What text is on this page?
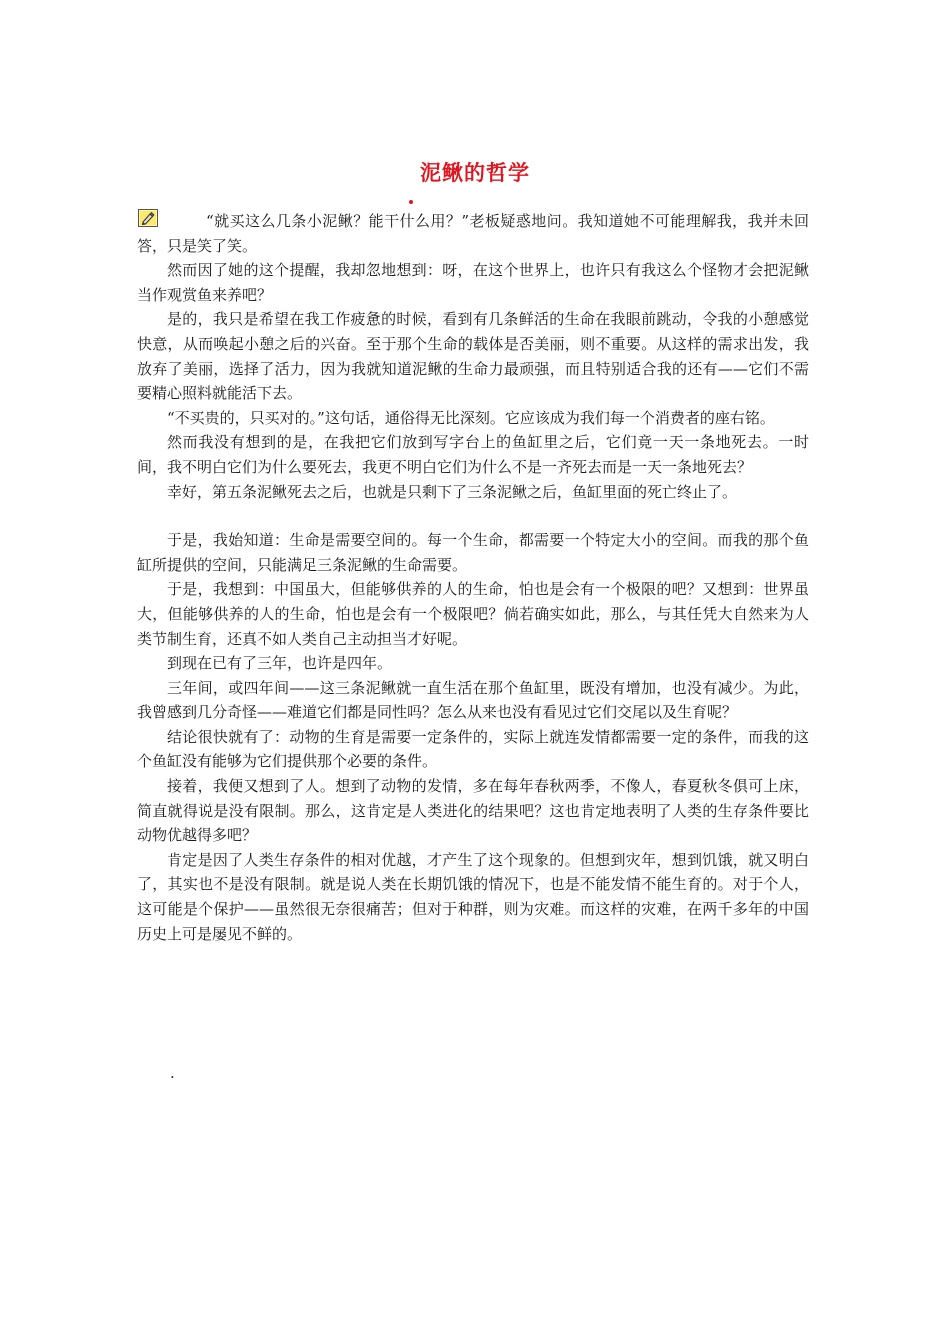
泥鳅的哲学

“就买这么几条小泥鳅？能干什么用？”老板疑惑地问。我知道她不可能理解我，我并未回答，只是笑了笑。

然而因了她的这个提醒，我却忽地想到：呀，在这个世界上，也许只有我这么个怪物才会把泥鳅当作观赏鱼来养吧？

是的，我只是希望在我工作疲惫的时候，看到有几条鲜活的生命在我眼前跳动，令我的小憩感觉快意，从而唤起小憩之后的兴奋。至于那个生命的载体是否美丽，则不重要。从这样的需求出发，我放弃了美丽，选择了活力，因为我就知道泥鳅的生命力最顽强，而且特别适合我的还有——它们不需要精心照料就能活下去。

“不买贵的，只买对的。”这句话，通俗得无比深刻。它应该成为我们每一个消费者的座右铭。

然而我没有想到的是，在我把它们放到写字台上的鱼缸里之后，它们竟一天一条地死去。一时间，我不明白它们为什么要死去，我更不明白它们为什么不是一齐死去而是一天一条地死去？

幸好，第五条泥鳅死去之后，也就是只剩下了三条泥鳅之后，鱼缸里面的死亡终止了。

于是，我始知道：生命是需要空间的。每一个生命，都需要一个特定大小的空间。而我的那个鱼缸所提供的空间，只能满足三条泥鳅的生命需要。

于是，我想到：中国虽大，但能够供养的人的生命，怕也是会有一个极限的吧？又想到：世界虽大，但能够供养的人的生命，怕也是会有一个极限吧？倘若确实如此，那么，与其任凭大自然来为人类节制生育，还真不如人类自己主动担当才好呢。

到现在已有了三年，也许是四年。

三年间，或四年间——这三条泥鳅就一直生活在那个鱼缸里，既没有增加，也没有减少。为此，我曾感到几分奇怪——难道它们都是同性吗？怎么从来也没有看见过它们交尾以及生育呢？

结论很快就有了：动物的生育是需要一定条件的，实际上就连发情都需要一定的条件，而我的这个鱼缸没有能够为它们提供那个必要的条件。

接着，我便又想到了人。想到了动物的发情，多在每年春秋两季，不像人，春夏秋冬俱可上床，简直就得说是没有限制。那么，这肯定是人类进化的结果吧？这也肯定地表明了人类的生存条件要比动物优越得多吧？

肯定是因了人类生存条件的相对优越，才产生了这个现象的。但想到灾年，想到饥饿，就又明白了，其实也不是没有限制。就是说人类在长期饥饿的情况下，也是不能发情不能生育的。对于个人，这可能是个保护——虽然很无奈很痛苦；但对于种群，则为灾难。而这样的灾难，在两千多年的中国历史上可是屡见不鲜的。

.
